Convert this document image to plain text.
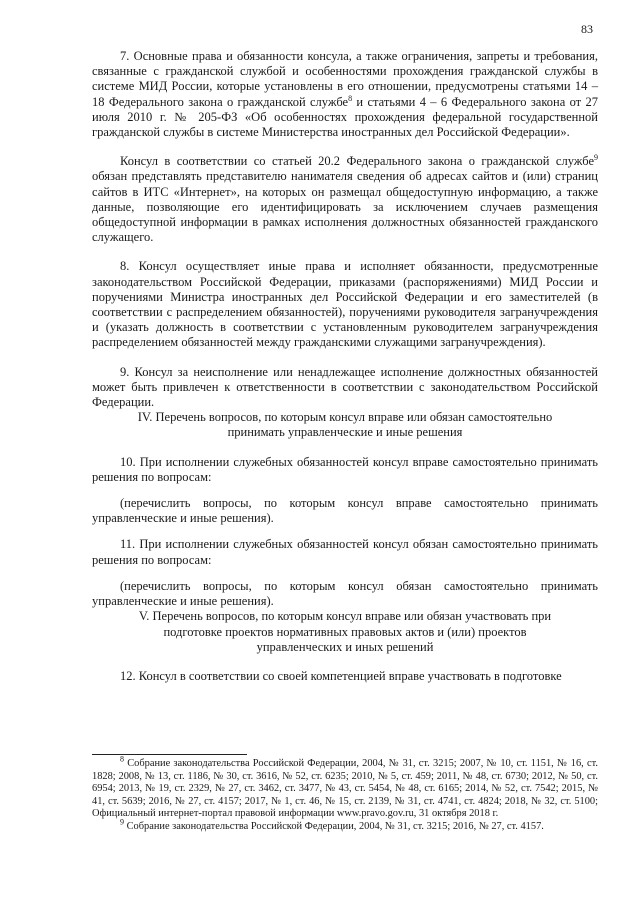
83

7. Основные права и обязанности консула, а также ограничения, запреты и требования, связанные с гражданской службой и особенностями прохождения гражданской службы в системе МИД России, которые установлены в его отношении, предусмотрены статьями 14 – 18 Федерального закона о гражданской службе$^8$ и статьями 4 – 6 Федерального закона от 27 июля 2010 г. № 205-ФЗ «Об особенностях прохождения федеральной государственной гражданской службы в системе Министерства иностранных дел Российской Федерации».

Консул в соответствии со статьей 20.2 Федерального закона о гражданской службе$^9$ обязан представлять представителю нанимателя сведения об адресах сайтов и (или) страниц сайтов в ИТС «Интернет», на которых он размещал общедоступную информацию, а также данные, позволяющие его идентифицировать за исключением случаев размещения общедоступной информации в рамках исполнения должностных обязанностей гражданского служащего.

8. Консул осуществляет иные права и исполняет обязанности, предусмотренные законодательством Российской Федерации, приказами (распоряжениями) МИД России и поручениями Министра иностранных дел Российской Федерации и его заместителей (в соответствии с распределением обязанностей), поручениями руководителя загранучреждения и (указать должность в соответствии с установленным руководителем загранучреждения распределением обязанностей между гражданскими служащими загранучреждения).

9. Консул за неисполнение или ненадлежащее исполнение должностных обязанностей может быть привлечен к ответственности в соответствии с законодательством Российской Федерации.

IV. Перечень вопросов, по которым консул вправе или обязан самостоятельно принимать управленческие и иные решения

10. При исполнении служебных обязанностей консул вправе самостоятельно принимать решения по вопросам:

(перечислить вопросы, по которым консул вправе самостоятельно принимать управленческие и иные решения).

11. При исполнении служебных обязанностей консул обязан самостоятельно принимать решения по вопросам:

(перечислить вопросы, по которым консул обязан самостоятельно принимать управленческие и иные решения).

V. Перечень вопросов, по которым консул вправе или обязан участвовать при подготовке проектов нормативных правовых актов и (или) проектов управленческих и иных решений

12. Консул в соответствии со своей компетенцией вправе участвовать в подготовке

$^8$ Собрание законодательства Российской Федерации, 2004, № 31, ст. 3215; 2007, № 10, ст. 1151, № 16, ст. 1828; 2008, № 13, ст. 1186, № 30, ст. 3616, № 52, ст. 6235; 2010, № 5, ст. 459; 2011, № 48, ст. 6730; 2012, № 50, ст. 6954; 2013, № 19, ст. 2329, № 27, ст. 3462, ст. 3477, № 43, ст. 5454, № 48, ст. 6165; 2014, № 52, ст. 7542; 2015, № 41, ст. 5639; 2016, № 27, ст. 4157; 2017, № 1, ст. 46, № 15, ст. 2139, № 31, ст. 4741, ст. 4824; 2018, № 32, ст. 5100; Официальный интернет-портал правовой информации www.pravo.gov.ru, 31 октября 2018 г.

$^9$ Собрание законодательства Российской Федерации, 2004, № 31, ст. 3215; 2016, № 27, ст. 4157.
